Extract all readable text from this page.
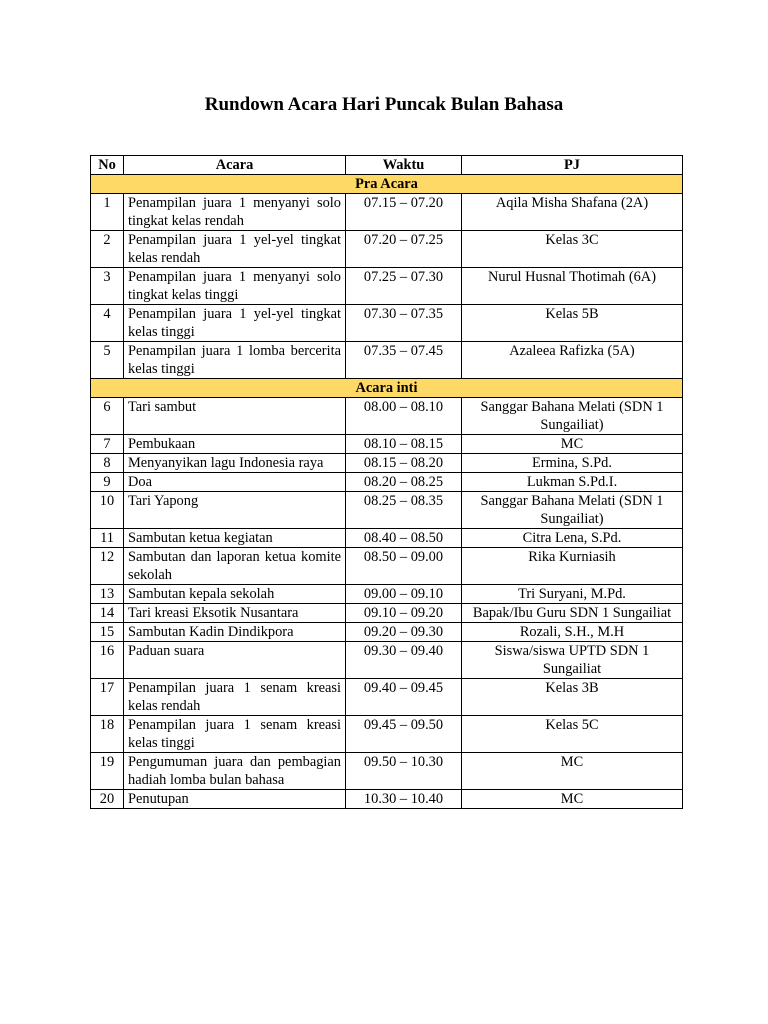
Rundown Acara Hari Puncak Bulan Bahasa
No	Acara	Waktu	PJ
Pra Acara			
1	Penampilan juara 1 menyanyi solo tingkat kelas rendah	07.15 – 07.20	Aqila Misha Shafana (2A)
2	Penampilan juara 1 yel-yel tingkat kelas rendah	07.20 – 07.25	Kelas 3C
3	Penampilan juara 1 menyanyi solo tingkat kelas tinggi	07.25 – 07.30	Nurul Husnal Thotimah (6A)
4	Penampilan juara 1 yel-yel tingkat kelas tinggi	07.30 – 07.35	Kelas 5B
5	Penampilan juara 1 lomba bercerita kelas tinggi	07.35 – 07.45	Azaleea Rafizka (5A)
Acara inti			
6	Tari sambut	08.00 – 08.10	Sanggar Bahana Melati (SDN 1 Sungailiat)
7	Pembukaan	08.10 – 08.15	MC
8	Menyanyikan lagu Indonesia raya	08.15 – 08.20	Ermina, S.Pd.
9	Doa	08.20 – 08.25	Lukman S.Pd.I.
10	Tari Yapong	08.25 – 08.35	Sanggar Bahana Melati (SDN 1 Sungailiat)
11	Sambutan ketua kegiatan	08.40 – 08.50	Citra Lena, S.Pd.
12	Sambutan dan laporan ketua komite sekolah	08.50 – 09.00	Rika Kurniasih
13	Sambutan kepala sekolah	09.00 – 09.10	Tri Suryani, M.Pd.
14	Tari kreasi Eksotik Nusantara	09.10 – 09.20	Bapak/Ibu Guru SDN 1 Sungailiat
15	Sambutan Kadin Dindikpora	09.20 – 09.30	Rozali, S.H., M.H
16	Paduan suara	09.30 – 09.40	Siswa/siswa UPTD SDN 1 Sungailiat
17	Penampilan juara 1 senam kreasi kelas rendah	09.40 – 09.45	Kelas 3B
18	Penampilan juara 1 senam kreasi kelas tinggi	09.45 – 09.50	Kelas 5C
19	Pengumuman juara dan pembagian hadiah lomba bulan bahasa	09.50 – 10.30	MC
20	Penutupan	10.30 – 10.40	MC
